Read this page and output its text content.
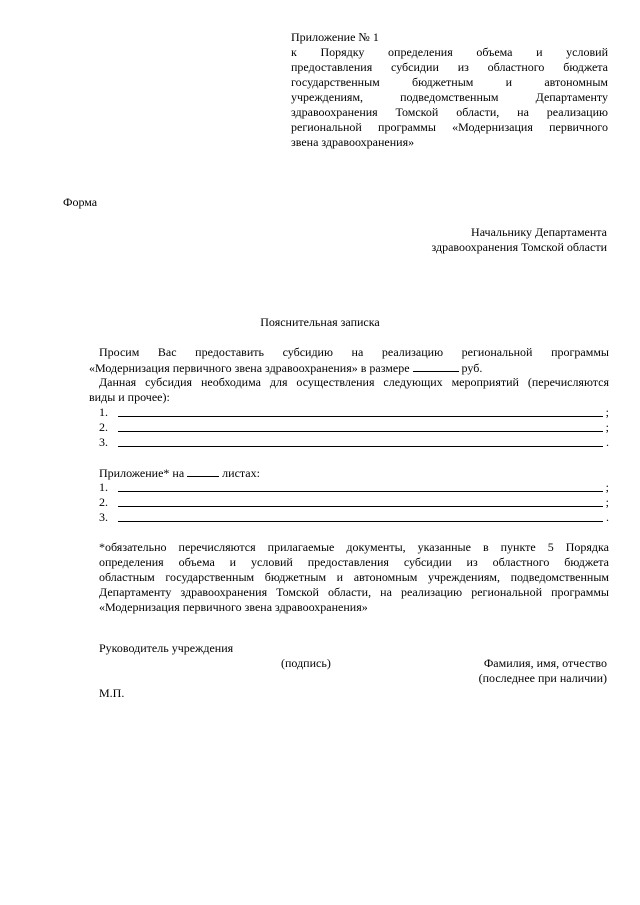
Приложение № 1
к Порядку определения объема и условий
предоставления субсидии из областного бюджета
государственным бюджетным и автономным
учреждениям, подведомственным Департаменту
здравоохранения Томской области, на реализацию
региональной программы «Модернизация первичного
звена здравоохранения»
Форма
Начальнику Департамента
здравоохранения Томской области
Пояснительная записка
Просим Вас предоставить субсидию на реализацию региональной программы
«Модернизация первичного звена здравоохранения» в размере	руб.
Данная субсидия необходима для осуществления следующих мероприятий (перечисляются
виды и прочее):
1.	;
2.	;
3.	.
Приложение* на	листах:
1.	;
2.	;
3.	.
*обязательно перечисляются прилагаемые документы, указанные в пункте 5 Порядка
определения объема и условий предоставления субсидии из областного бюджета
областным государственным бюджетным и автономным учреждениям, подведомственным
Департаменту здравоохранения Томской области, на реализацию региональной программы
«Модернизация первичного звена здравоохранения»
Руководитель учреждения
(подпись)	Фамилия, имя, отчество
(последнее при наличии)
М.П.
